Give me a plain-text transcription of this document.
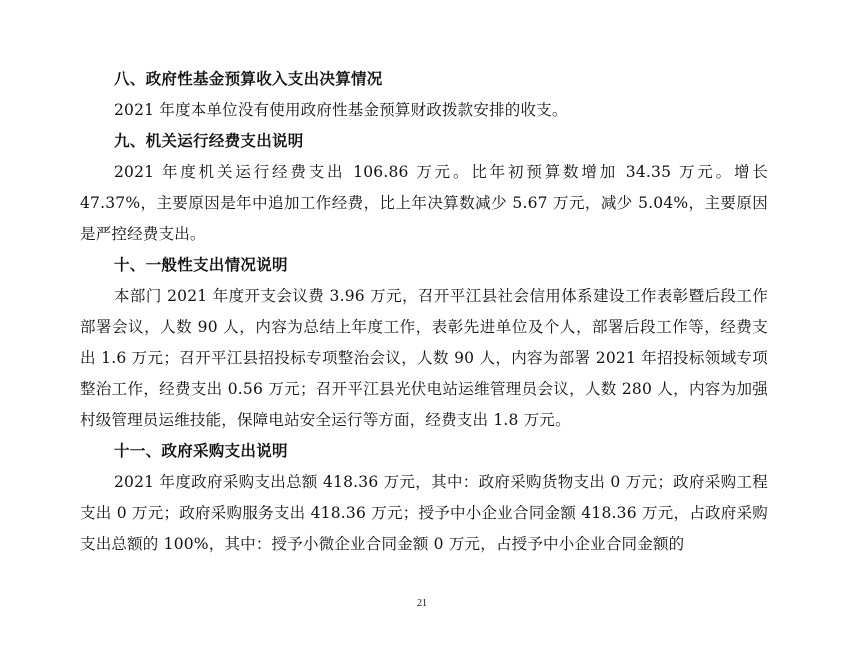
八、政府性基金预算收入支出决算情况
2021 年度本单位没有使用政府性基金预算财政拨款安排的收支。
九、机关运行经费支出说明
2021 年度机关运行经费支出 106.86 万元。比年初预算数增加 34.35 万元。增长 47.37%，主要原因是年中追加工作经费，比上年决算数减少 5.67 万元，减少 5.04%，主要原因是严控经费支出。
十、一般性支出情况说明
本部门 2021 年度开支会议费 3.96 万元，召开平江县社会信用体系建设工作表彰暨后段工作部署会议，人数 90 人，内容为总结上年度工作，表彰先进单位及个人，部署后段工作等，经费支出 1.6 万元；召开平江县招投标专项整治会议，人数 90 人，内容为部署 2021 年招投标领域专项整治工作，经费支出 0.56 万元；召开平江县光伏电站运维管理员会议，人数 280 人，内容为加强村级管理员运维技能，保障电站安全运行等方面，经费支出 1.8 万元。
十一、政府采购支出说明
2021 年度政府采购支出总额 418.36 万元，其中：政府采购货物支出 0 万元；政府采购工程支出 0 万元；政府采购服务支出 418.36 万元；授予中小企业合同金额 418.36 万元，占政府采购支出总额的 100%，其中：授予小微企业合同金额 0 万元，占授予中小企业合同金额的
21
